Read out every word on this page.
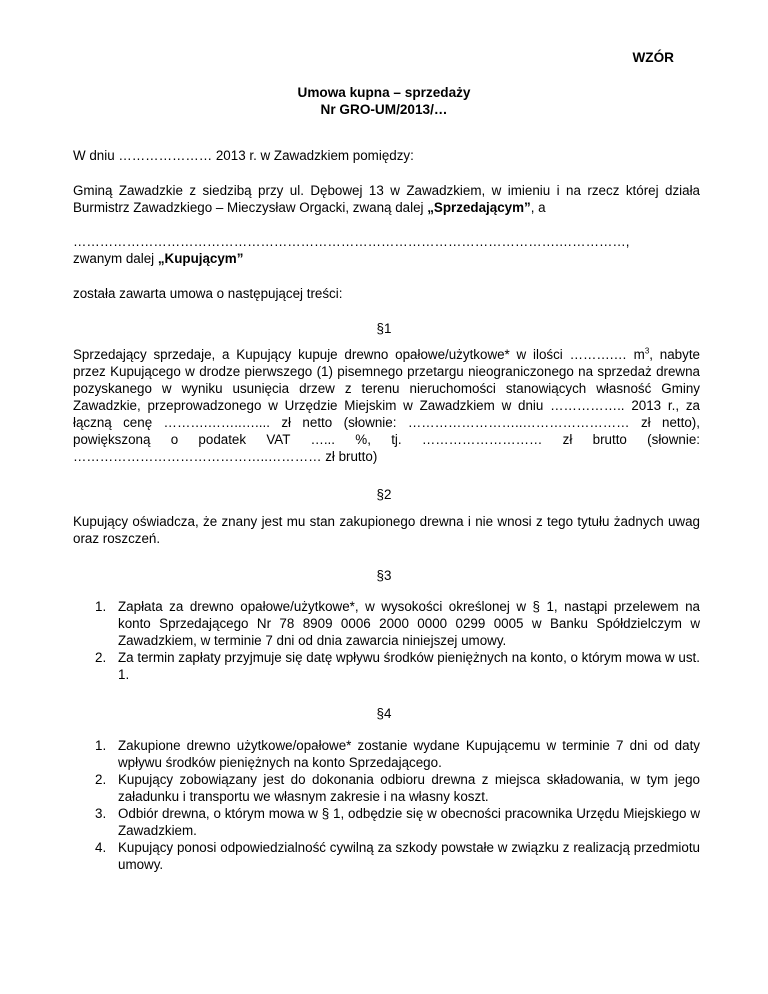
WZÓR
Umowa kupna – sprzedaży
Nr GRO-UM/2013/…
W dniu ………………… 2013 r. w Zawadzkiem pomiędzy:
Gminą Zawadzkie z siedzibą przy ul. Dębowej 13 w Zawadzkiem, w imieniu i na rzecz której działa Burmistrz Zawadzkiego – Mieczysław Orgacki, zwaną dalej „Sprzedającym”, a
……………………………………………………………………………………………….……………,
zwanym dalej „Kupującym”
została zawarta umowa o następującej treści:
§1
Sprzedający sprzedaje, a Kupujący kupuje drewno opałowe/użytkowe* w ilości ……….… $m^3$, nabyte przez Kupującego w drodze pierwszego (1) pisemnego przetargu nieograniczonego na sprzedaż drewna pozyskanego w wyniku usunięcia drzew z terenu nieruchomości stanowiących własność Gminy Zawadzkie, przeprowadzonego w Urzędzie Miejskim w Zawadzkiem w dniu …………….. 2013 r., za łączną cenę ……….……..….... zł netto (słownie: ……………………..…………………… zł netto), powiększoną o podatek VAT …... %, tj. ……………………… zł brutto (słownie: ……………………………………..………… zł brutto)
§2
Kupujący oświadcza, że znany jest mu stan zakupionego drewna i nie wnosi z tego tytułu żadnych uwag oraz roszczeń.
§3
1. Zapłata za drewno opałowe/użytkowe*, w wysokości określonej w § 1, nastąpi przelewem na konto Sprzedającego Nr 78 8909 0006 2000 0000 0299 0005 w Banku Spółdzielczym w Zawadzkiem, w terminie 7 dni od dnia zawarcia niniejszej umowy.
2. Za termin zapłaty przyjmuje się datę wpływu środków pieniężnych na konto, o którym mowa w ust. 1.
§4
1. Zakupione drewno użytkowe/opałowe* zostanie wydane Kupującemu w terminie 7 dni od daty wpływu środków pieniężnych na konto Sprzedającego.
2. Kupujący zobowiązany jest do dokonania odbioru drewna z miejsca składowania, w tym jego załadunku i transportu we własnym zakresie i na własny koszt.
3. Odbiór drewna, o którym mowa w § 1, odbędzie się w obecności pracownika Urzędu Miejskiego w Zawadzkiem.
4. Kupujący ponosi odpowiedzialność cywilną za szkody powstałe w związku z realizacją przedmiotu umowy.
